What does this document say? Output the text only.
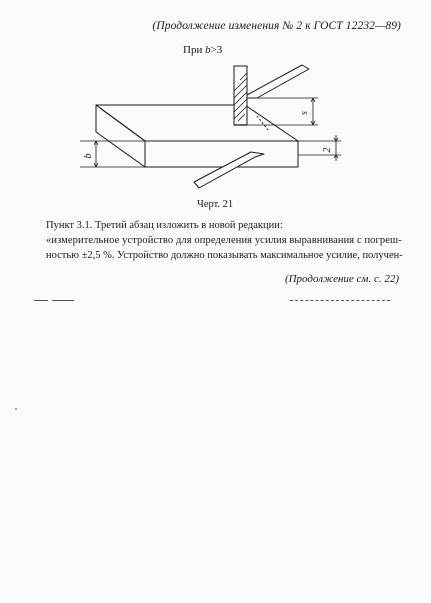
(Продолжение изменения № 2 к ГОСТ 12232—89)
При b>3
s
2
b
Черт. 21
Пункт 3.1. Третий абзац изложить в новой редакции:
«измерительное устройство для определения усилия выравнивания с погреш-
ностью ±2,5 %. Устройство должно показывать максимальное усилие, получен-
(Продолжение см. с. 22)
